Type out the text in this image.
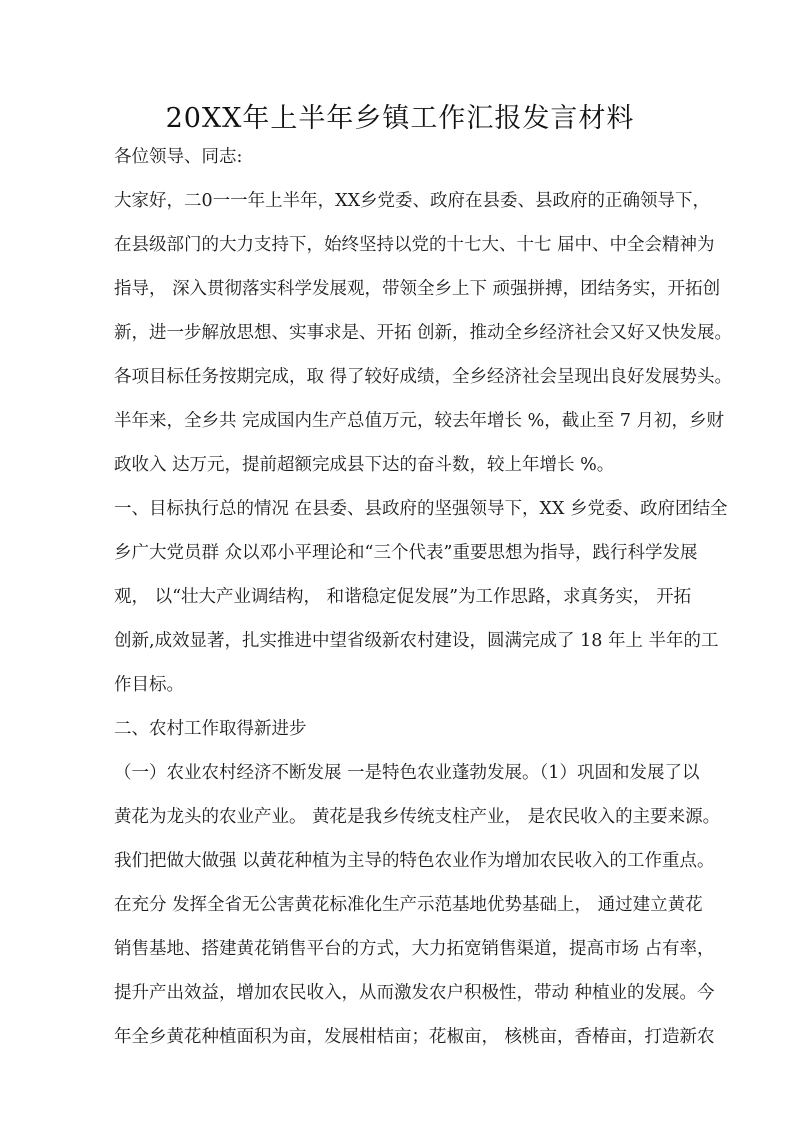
20XX年上半年乡镇工作汇报发言材料
各位领导、同志:
大家好，二0一一年上半年，XX乡党委、政府在县委、县政府的正确领导下，
在县级部门的大力支持下，始终坚持以党的十七大、十七 届中、中全会精神为
指导， 深入贯彻落实科学发展观，带领全乡上下 顽强拼搏，团结务实，开拓创
新，进一步解放思想、实事求是、开拓 创新，推动全乡经济社会又好又快发展。
各项目标任务按期完成，取 得了较好成绩，全乡经济社会呈现出良好发展势头。
半年来，全乡共 完成国内生产总值万元，较去年增长 %，截止至 7 月初，乡财
政收入 达万元，提前超额完成县下达的奋斗数，较上年增长 %。
一、目标执行总的情况 在县委、县政府的坚强领导下，XX 乡党委、政府团结全
乡广大党员群 众以邓小平理论和“三个代表”重要思想为指导，践行科学发展
观， 以“壮大产业调结构， 和谐稳定促发展”为工作思路，求真务实， 开拓
创新,成效显著，扎实推进中望省级新农村建设，圆满完成了 18 年上 半年的工
作目标。
二、农村工作取得新进步
（一）农业农村经济不断发展 一是特色农业蓬勃发展。（1）巩固和发展了以
黄花为龙头的农业产业。 黄花是我乡传统支柱产业， 是农民收入的主要来源。
我们把做大做强 以黄花种植为主导的特色农业作为增加农民收入的工作重点。
在充分 发挥全省无公害黄花标准化生产示范基地优势基础上， 通过建立黄花
销售基地、搭建黄花销售平台的方式，大力拓宽销售渠道，提高市场 占有率，
提升产出效益，增加农民收入，从而激发农户积极性，带动 种植业的发展。今
年全乡黄花种植面积为亩，发展柑桔亩；花椒亩， 核桃亩，香椿亩，打造新农
